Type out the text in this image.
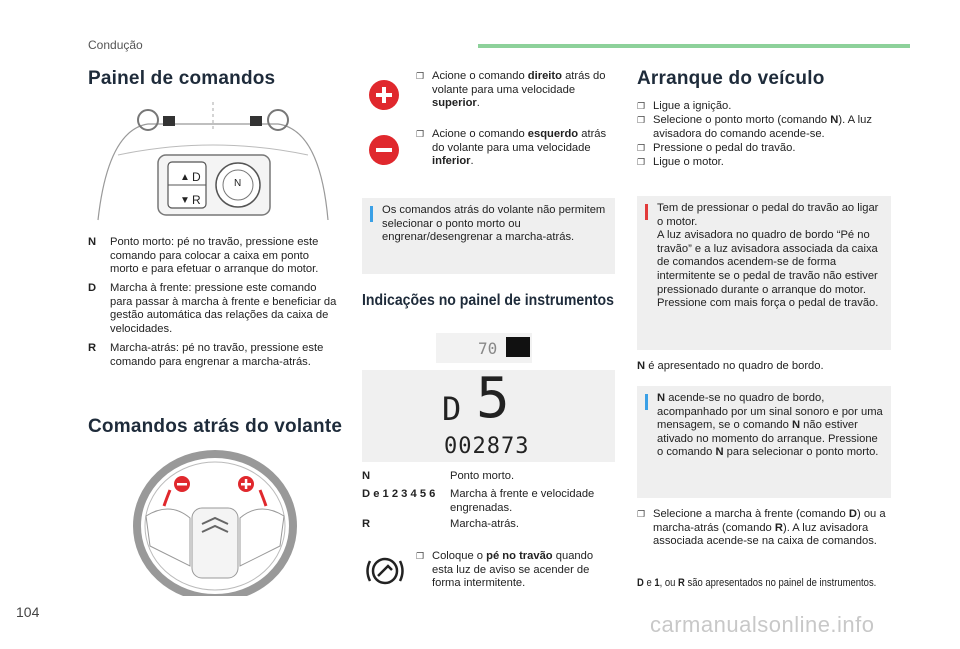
Condução
Painel de comandos
▲ D
▼ R
N
N Ponto morto: pé no travão, pressione este comando para colocar a caixa em ponto morto e para efetuar o arranque do motor.
D Marcha à frente: pressione este comando para passar à marcha à frente e beneficiar da gestão automática das relações da caixa de velocidades.
R Marcha-atrás: pé no travão, pressione este comando para engrenar a marcha-atrás.
Comandos atrás do volante
❐ Acione o comando direito atrás do volante para uma velocidade superior.
❐ Acione o comando esquerdo atrás do volante para uma velocidade inferior.
Os comandos atrás do volante não permitem selecionar o ponto morto ou engrenar/desengrenar a marcha-atrás.
Indicações no painel de instrumentos
70
D 5
002873
N	Ponto morto.
D e 1 2 3 4 5 6 Marcha à frente e velocidade engrenadas.
R	Marcha-atrás.
❐ Coloque o pé no travão quando esta luz de aviso se acender de forma intermitente.
Arranque do veículo
❐ Ligue a ignição.
❐ Selecione o ponto morto (comando N). A luz avisadora do comando acende-se.
❐ Pressione o pedal do travão.
❐ Ligue o motor.
Tem de pressionar o pedal do travão ao ligar o motor.
A luz avisadora no quadro de bordo “Pé no travão” e a luz avisadora associada da caixa de comandos acendem-se de forma intermitente se o pedal de travão não estiver pressionado durante o arranque do motor.
Pressione com mais força o pedal de travão.
N é apresentado no quadro de bordo.
N acende-se no quadro de bordo, acompanhado por um sinal sonoro e por uma mensagem, se o comando N não estiver ativado no momento do arranque. Pressione o comando N para selecionar o ponto morto.
❐ Selecione a marcha à frente (comando D) ou a marcha-atrás (comando R). A luz avisadora associada acende-se na caixa de comandos.
D e 1, ou R são apresentados no painel de instrumentos.
104	carmanualsonline.info
